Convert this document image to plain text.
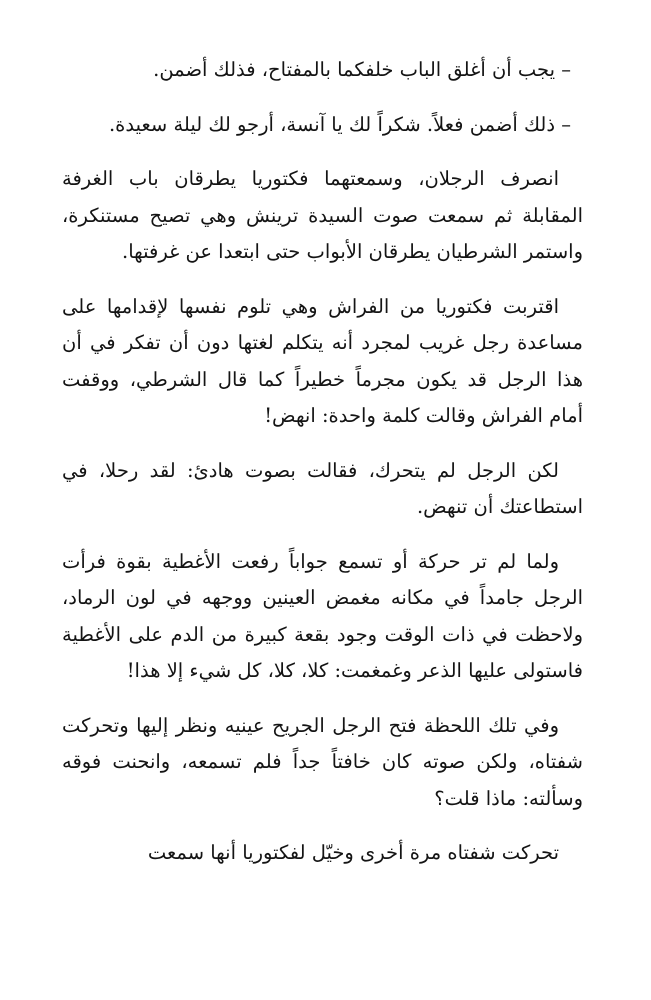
– يجب أن أغلق الباب خلفكما بالمفتاح، فذلك أضمن.

– ذلك أضمن فعلاً. شكراً لك يا آنسة، أرجو لك ليلة سعيدة.

انصرف الرجلان، وسمعتهما فكتوريا يطرقان باب الغرفة المقابلة ثم سمعت صوت السيدة ترينش وهي تصيح مستنكرة، واستمر الشرطيان يطرقان الأبواب حتى ابتعدا عن غرفتها.

اقتربت فكتوريا من الفراش وهي تلوم نفسها لإقدامها على مساعدة رجل غريب لمجرد أنه يتكلم لغتها دون أن تفكر في أن هذا الرجل قد يكون مجرماً خطيراً كما قال الشرطي، ووقفت أمام الفراش وقالت كلمة واحدة: انهض!

لكن الرجل لم يتحرك، فقالت بصوت هادئ: لقد رحلا، في استطاعتك أن تنهض.

ولما لم تر حركة أو تسمع جواباً رفعت الأغطية بقوة فرأت الرجل جامداً في مكانه مغمض العينين ووجهه في لون الرماد، ولاحظت في ذات الوقت وجود بقعة كبيرة من الدم على الأغطية فاستولى عليها الذعر وغمغمت: كلا، كلا، كل شيء إلا هذا!

وفي تلك اللحظة فتح الرجل الجريح عينيه ونظر إليها وتحركت شفتاه، ولكن صوته كان خافتاً جداً فلم تسمعه، وانحنت فوقه وسألته: ماذا قلت؟

تحركت شفتاه مرة أخرى وخيّل لفكتوريا أنها سمعت
